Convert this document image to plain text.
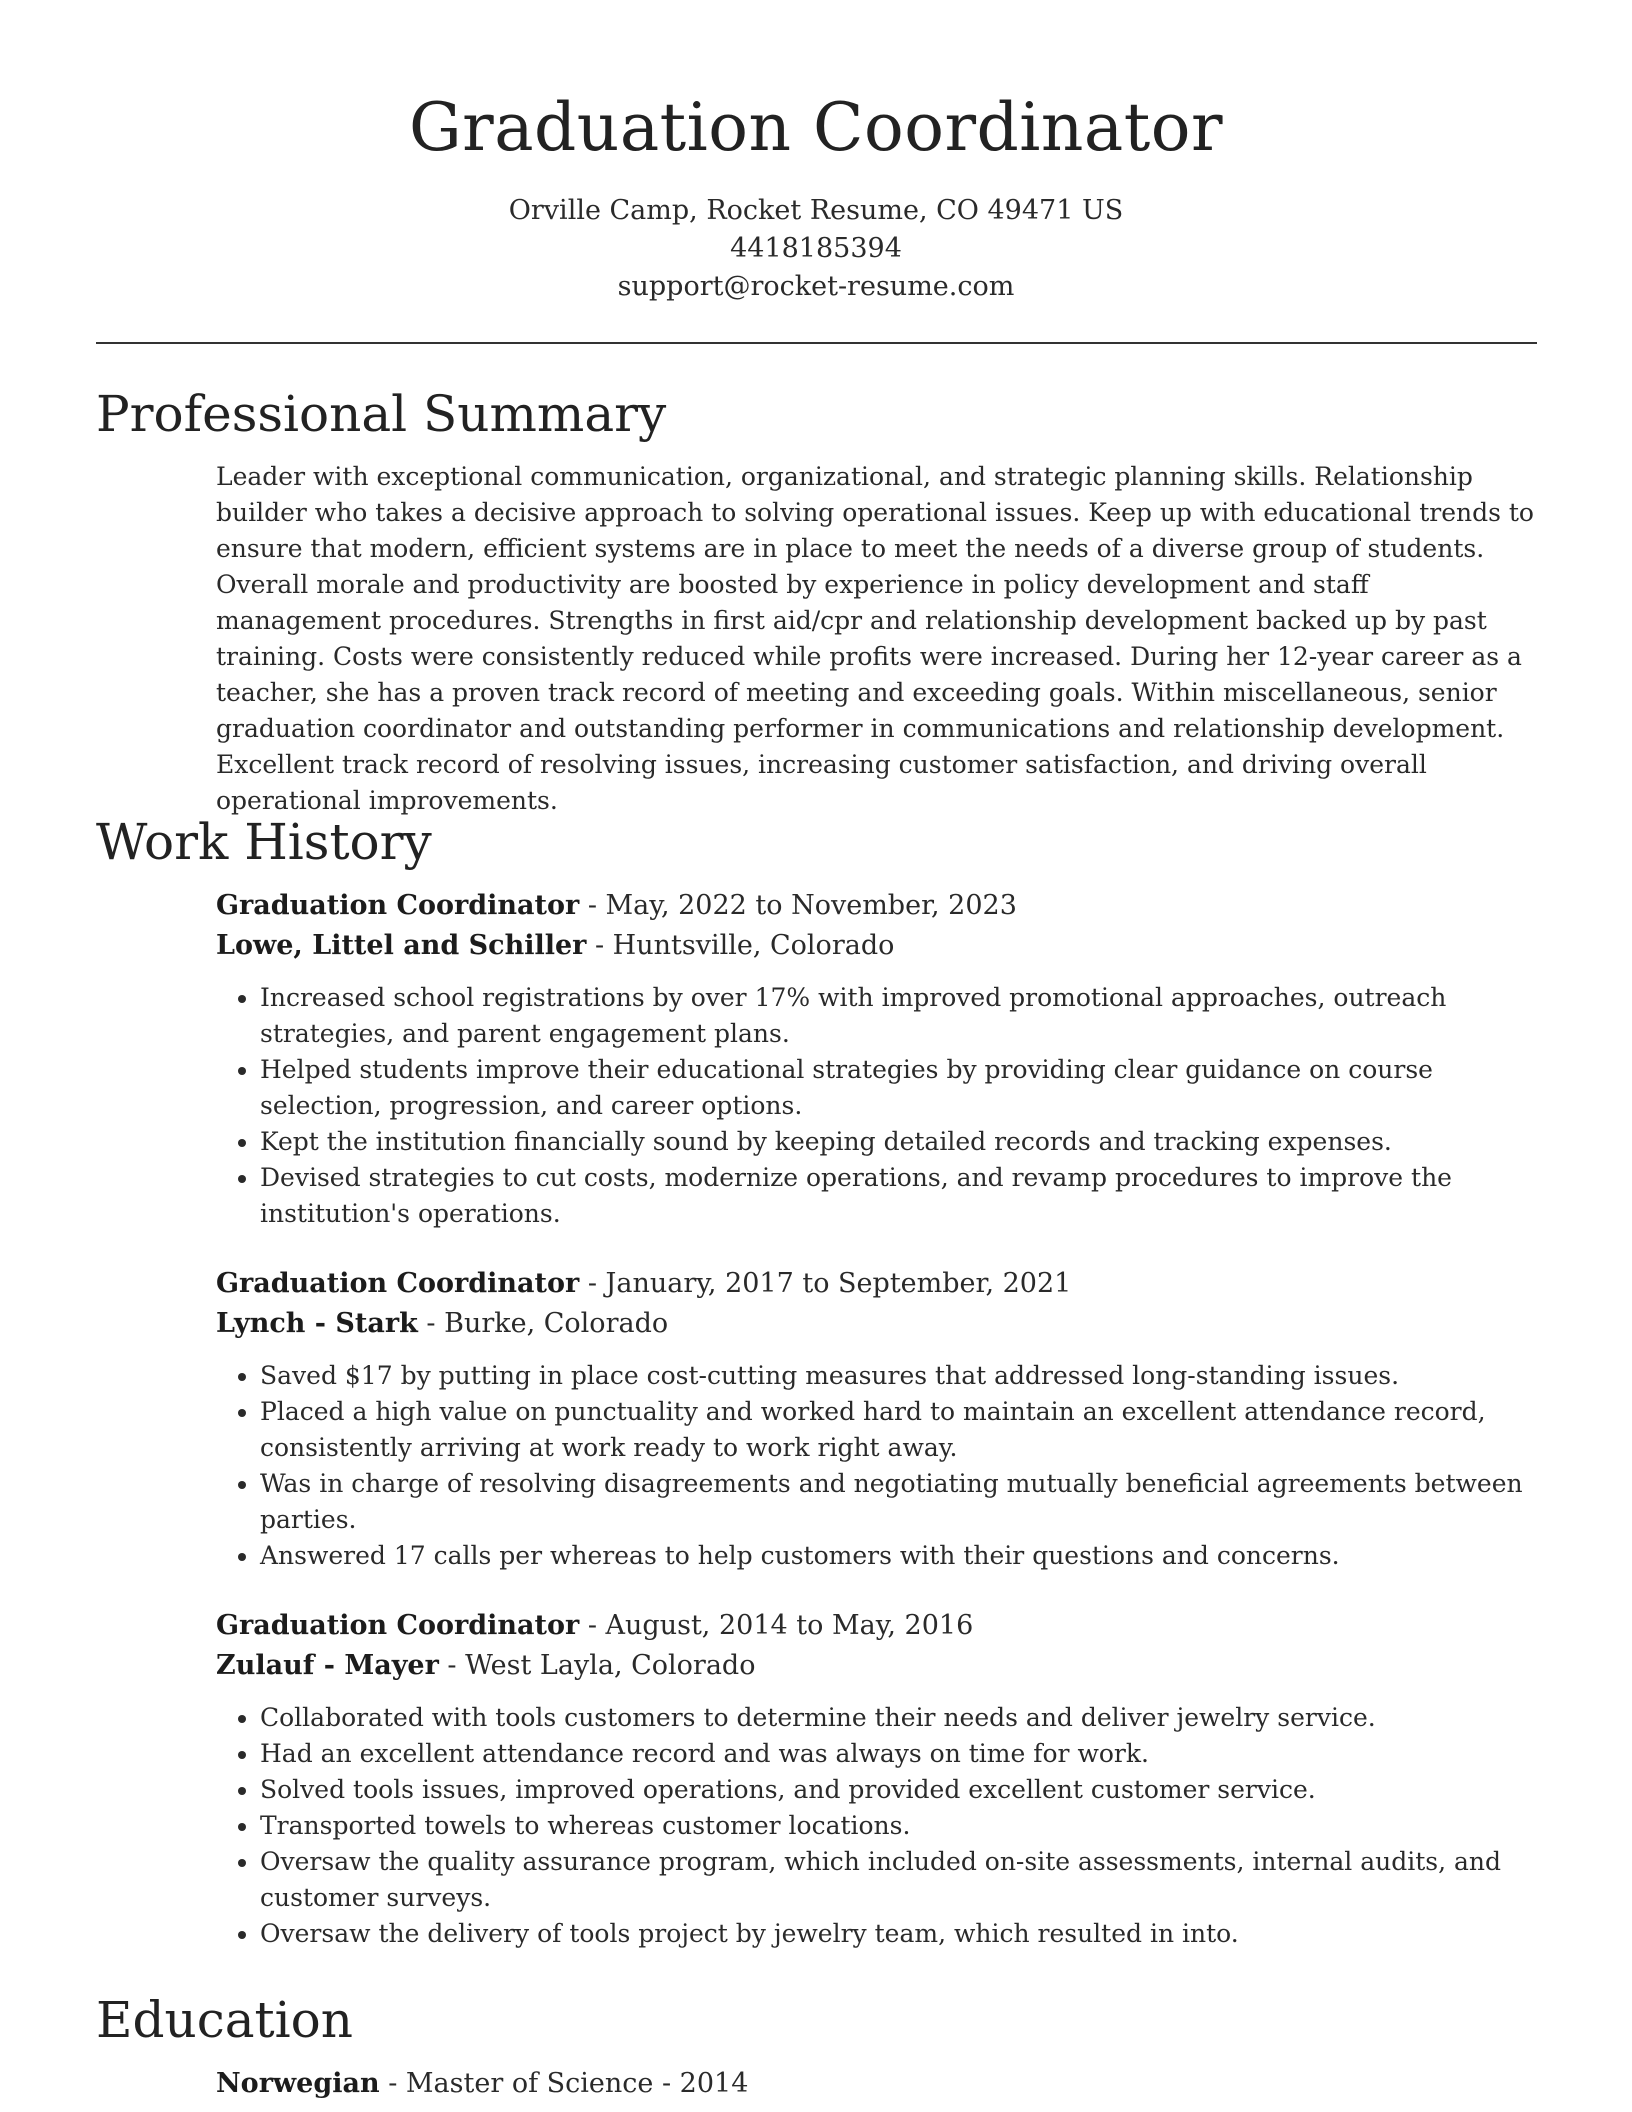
Graduation Coordinator
Orville Camp, Rocket Resume, CO 49471 US
4418185394
support@rocket-resume.com
Professional Summary

Leader with exceptional communication, organizational, and strategic planning skills. Relationship builder who takes a decisive approach to solving operational issues. Keep up with educational trends to ensure that modern, efficient systems are in place to meet the needs of a diverse group of students. Overall morale and productivity are boosted by experience in policy development and staff management procedures. Strengths in first aid/cpr and relationship development backed up by past training. Costs were consistently reduced while profits were increased. During her 12-year career as a teacher, she has a proven track record of meeting and exceeding goals. Within miscellaneous, senior graduation coordinator and outstanding performer in communications and relationship development. Excellent track record of resolving issues, increasing customer satisfaction, and driving overall operational improvements.

Work History
Graduation Coordinator - May, 2022 to November, 2023
Lowe, Littel and Schiller - Huntsville, Colorado
• Increased school registrations by over 17% with improved promotional approaches, outreach strategies, and parent engagement plans.
• Helped students improve their educational strategies by providing clear guidance on course selection, progression, and career options.
• Kept the institution financially sound by keeping detailed records and tracking expenses.
• Devised strategies to cut costs, modernize operations, and revamp procedures to improve the institution's operations.
Graduation Coordinator - January, 2017 to September, 2021
Lynch - Stark - Burke, Colorado
• Saved $17 by putting in place cost-cutting measures that addressed long-standing issues.
• Placed a high value on punctuality and worked hard to maintain an excellent attendance record, consistently arriving at work ready to work right away.
• Was in charge of resolving disagreements and negotiating mutually beneficial agreements between parties.
• Answered 17 calls per whereas to help customers with their questions and concerns.
Graduation Coordinator - August, 2014 to May, 2016
Zulauf - Mayer - West Layla, Colorado
• Collaborated with tools customers to determine their needs and deliver jewelry service.
• Had an excellent attendance record and was always on time for work.
• Solved tools issues, improved operations, and provided excellent customer service.
• Transported towels to whereas customer locations.
• Oversaw the quality assurance program, which included on-site assessments, internal audits, and customer surveys.
• Oversaw the delivery of tools project by jewelry team, which resulted in into.
Education
Norwegian - Master of Science - 2014
